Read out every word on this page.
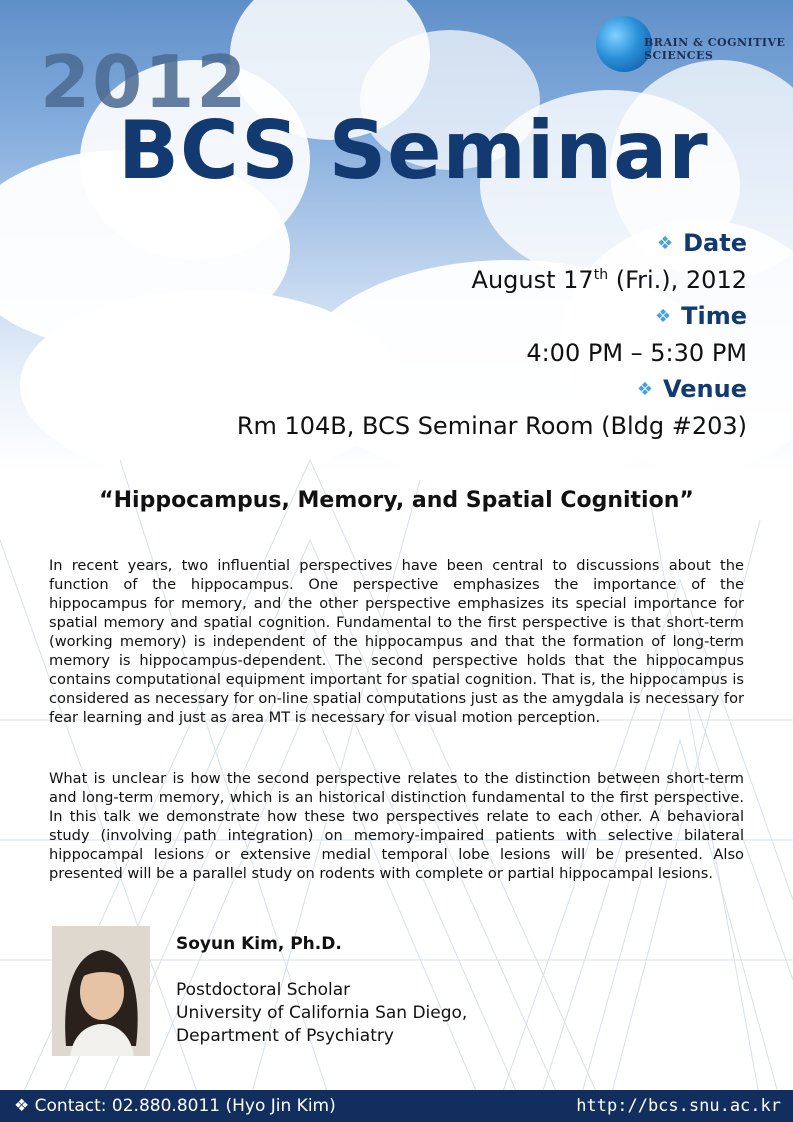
BRAIN & COGNITIVE
SCIENCES
2012
BCS Seminar
❖ Date
August 17th (Fri.), 2012
❖ Time
4:00 PM – 5:30 PM
❖ Venue
Rm 104B, BCS Seminar Room (Bldg #203)
“Hippocampus, Memory, and Spatial Cognition”
In recent years, two influential perspectives have been central to discussions about the function of the hippocampus. One perspective emphasizes the importance of the hippocampus for memory, and the other perspective emphasizes its special importance for spatial memory and spatial cognition. Fundamental to the first perspective is that short-term (working memory) is independent of the hippocampus and that the formation of long-term memory is hippocampus-dependent. The second perspective holds that the hippocampus contains computational equipment important for spatial cognition. That is, the hippocampus is considered as necessary for on-line spatial computations just as the amygdala is necessary for fear learning and just as area MT is necessary for visual motion perception.
What is unclear is how the second perspective relates to the distinction between short-term and long-term memory, which is an historical distinction fundamental to the first perspective. In this talk we demonstrate how these two perspectives relate to each other. A behavioral study (involving path integration) on memory-impaired patients with selective bilateral hippocampal lesions or extensive medial temporal lobe lesions will be presented. Also presented will be a parallel study on rodents with complete or partial hippocampal lesions.
Soyun Kim, Ph.D.
Postdoctoral Scholar
University of California San Diego,
Department of Psychiatry
❖ Contact: 02.880.8011 (Hyo Jin Kim)	http://bcs.snu.ac.kr
